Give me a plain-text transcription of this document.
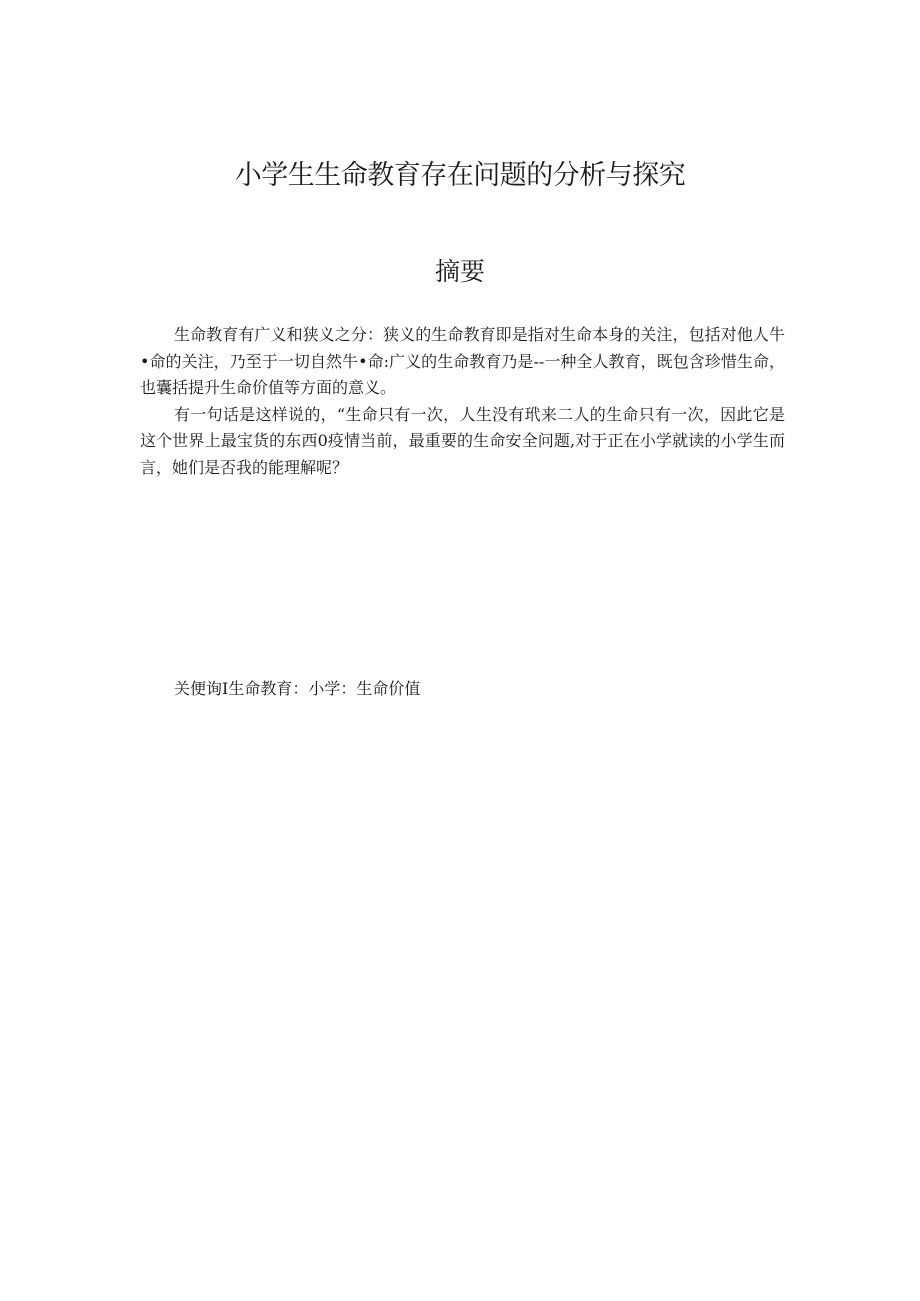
小学生生命教育存在问题的分析与探究
摘要

生命教育有广义和狭义之分：狭义的生命教育即是指对生命本身的关注，包括对他人牛•命的关注，乃至于一切自然牛•命:广义的生命教育乃是--一种全人教育，既包含珍惜生命，也囊括提升生命价值等方面的意义。

有一句话是这样说的，“生命只有一次，人生没有玳来二人的生命只有一次，因此它是这个世界上最宝货的东西0疫情当前，最重要的生命安全问题,对于正在小学就读的小学生而言，她们是否我的能理解呢？

关便询I生命教育：小学：生命价值
